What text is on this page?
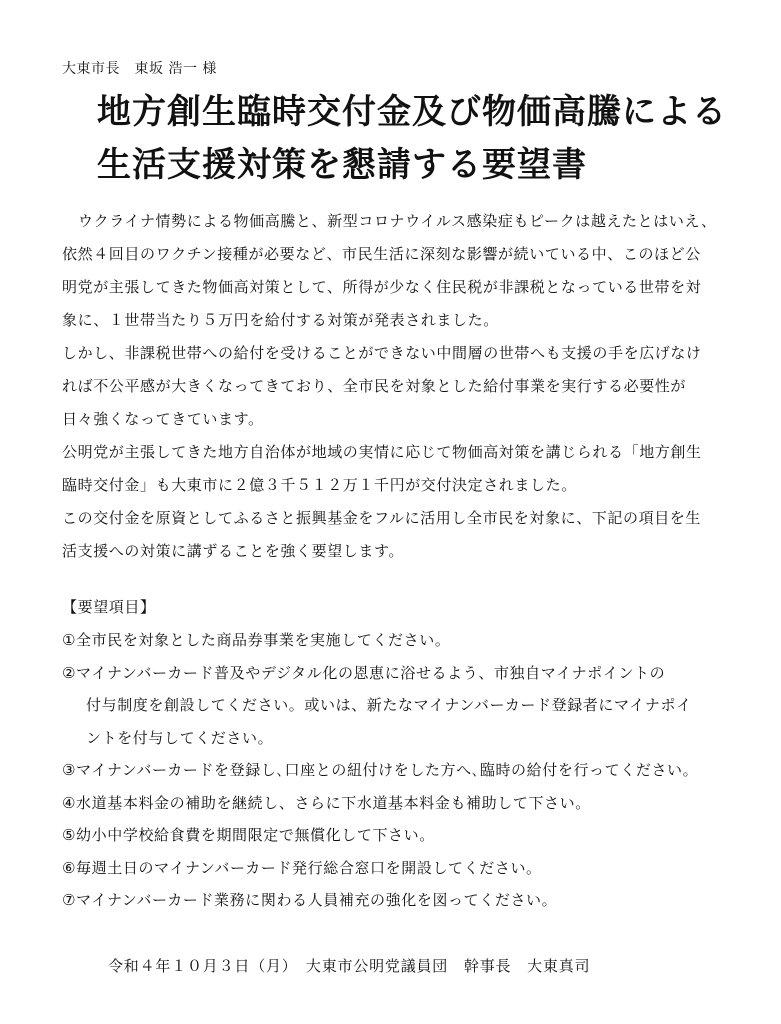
大東市長　東坂 浩一 様
地方創生臨時交付金及び物価高騰による
生活支援対策を懇請する要望書
ウクライナ情勢による物価高騰と、新型コロナウイルス感染症もピークは越えたとはいえ、
依然４回目のワクチン接種が必要など、市民生活に深刻な影響が続いている中、このほど公
明党が主張してきた物価高対策として、所得が少なく住民税が非課税となっている世帯を対
象に、１世帯当たり５万円を給付する対策が発表されました。
しかし、非課税世帯への給付を受けることができない中間層の世帯へも支援の手を広げなけ
れば不公平感が大きくなってきており、全市民を対象とした給付事業を実行する必要性が
日々強くなってきています。
公明党が主張してきた地方自治体が地域の実情に応じて物価高対策を講じられる「地方創生
臨時交付金」も大東市に２億３千５１２万１千円が交付決定されました。
この交付金を原資としてふるさと振興基金をフルに活用し全市民を対象に、下記の項目を生
活支援への対策に講ずることを強く要望します。
【要望項目】
①全市民を対象とした商品券事業を実施してください。
②マイナンバーカード普及やデジタル化の恩恵に浴せるよう、市独自マイナポイントの
付与制度を創設してください。或いは、新たなマイナンバーカード登録者にマイナポイ
ントを付与してください。
③マイナンバーカードを登録し､口座との紐付けをした方へ､臨時の給付を行ってください。
④水道基本料金の補助を継続し、さらに下水道基本料金も補助して下さい。
⑤幼小中学校給食費を期間限定で無償化して下さい。
⑥毎週土日のマイナンバーカード発行総合窓口を開設してください。
⑦マイナンバーカード業務に関わる人員補充の強化を図ってください。
令和４年１０月３日（月）　大東市公明党議員団　幹事長　大東真司
